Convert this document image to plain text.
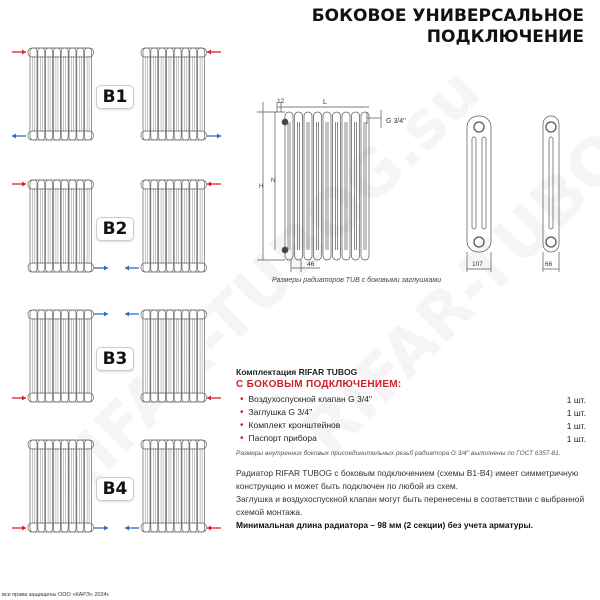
БОКОВОЕ УНИВЕРСАЛЬНОЕ
ПОДКЛЮЧЕНИЕ
B1
B2
B3
B4
12	L
G 3/4''
H
N
46	107	66
Размеры радиаторов TUB с боковыми заглушками
Комплектация RIFAR TUBOG
С БОКОВЫМ ПОДКЛЮЧЕНИЕМ:
• Воздухоспускной клапан G 3/4''	1 шт.
• Заглушка G 3/4''	1 шт.
• Комплект кронштейнов	1 шт.
• Паспорт прибора	1 шт.
Размеры внутренних боковых присоединительных резьб радиатора G 3/4'' выполнены по ГОСТ 6357-81.

Радиатор RIFAR TUBOG с боковым подключением (схемы B1-B4) имеет симметричную конструкцию и может быть подключен по любой из схем.

Заглушка и воздухоспускной клапан могут быть перенесены в соответствии с выбранной схемой монтажа.

Минимальная длина радиатора – 98 мм (2 секции) без учета арматуры.

все права защищены ООО «КАРЭ» 2024г.
